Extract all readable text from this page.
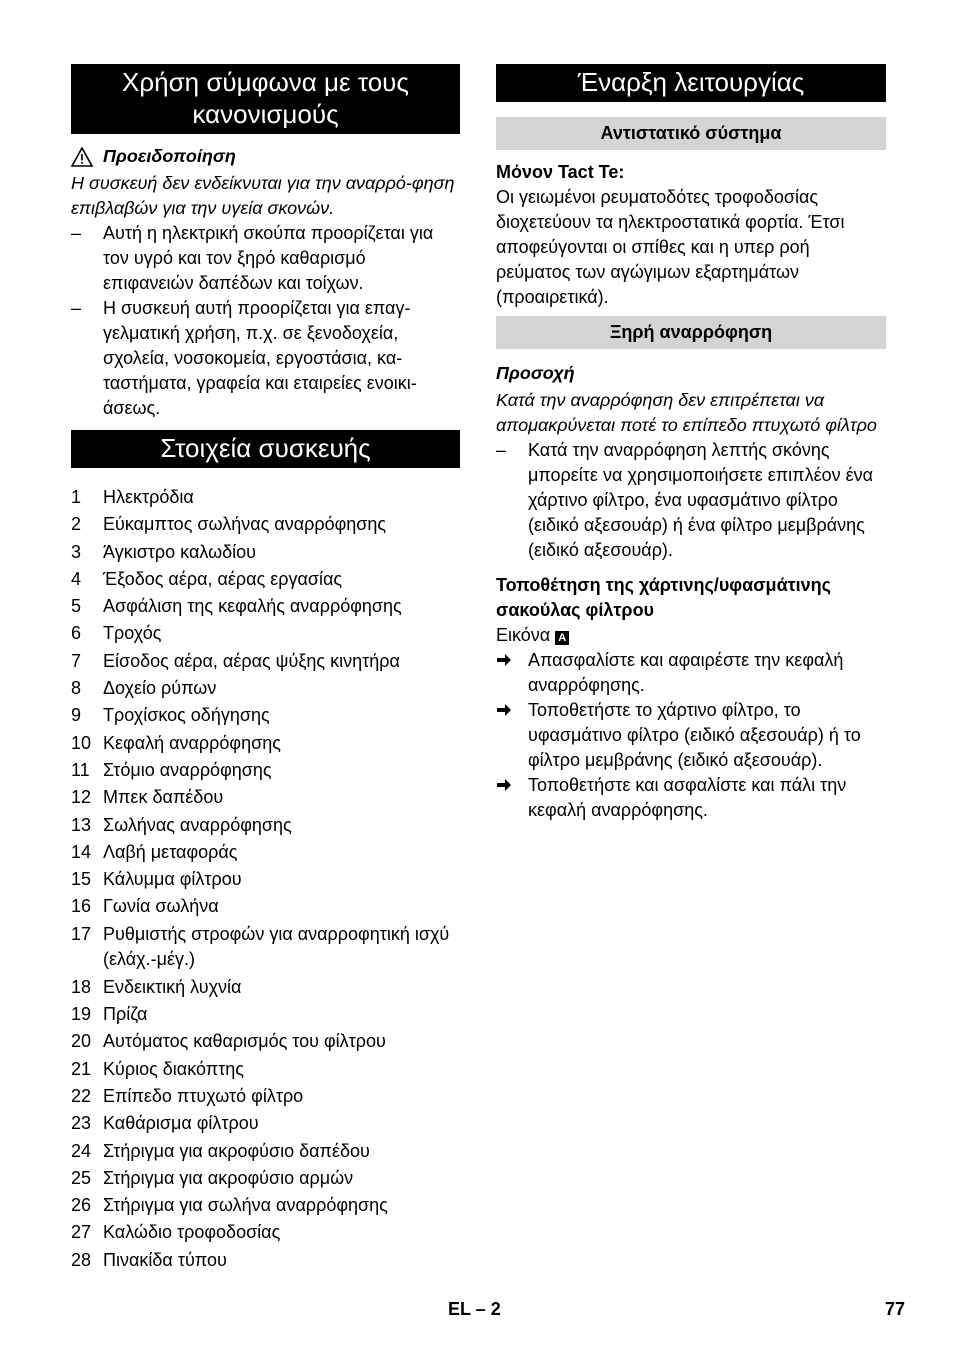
Χρήση σύμφωνα με τους κανονισμούς
Προειδοποίηση
Η συσκευή δεν ενδείκνυται για την αναρρό-φηση επιβλαβών για την υγεία σκονών.
–	Αυτή η ηλεκτρική σκούπα προορίζεται για τον υγρό και τον ξηρό καθαρισμό επιφανειών δαπέδων και τοίχων.
–	Η συσκευή αυτή προορίζεται για επαγ-γελματική χρήση, π.χ. σε ξενοδοχεία, σχολεία, νοσοκομεία, εργοστάσια, κα-ταστήματα, γραφεία και εταιρείες ενοικι-άσεως.
Στοιχεία συσκευής
1	Ηλεκτρόδια
2	Εύκαμπτος σωλήνας αναρρόφησης
3	Άγκιστρο καλωδίου
4	Έξοδος αέρα, αέρας εργασίας
5	Ασφάλιση της κεφαλής αναρρόφησης
6	Τροχός
7	Είσοδος αέρα, αέρας ψύξης κινητήρα
8	Δοχείο ρύπων
9	Τροχίσκος οδήγησης
10 Κεφαλή αναρρόφησης
11 Στόμιο αναρρόφησης
12 Μπεκ δαπέδου
13 Σωλήνας αναρρόφησης
14 Λαβή μεταφοράς
15 Κάλυμμα φίλτρου
16 Γωνία σωλήνα
17 Ρυθμιστής στροφών για αναρροφητική ισχύ (ελάχ.-μέγ.)
18 Ενδεικτική λυχνία
19 Πρίζα
20 Αυτόματος καθαρισμός του φίλτρου
21 Κύριος διακόπτης
22 Επίπεδο πτυχωτό φίλτρο
23 Καθάρισμα φίλτρου
24 Στήριγμα για ακροφύσιο δαπέδου
25 Στήριγμα για ακροφύσιο αρμών
26 Στήριγμα για σωλήνα αναρρόφησης
27 Καλώδιο τροφοδοσίας
28 Πινακίδα τύπου
Έναρξη λειτουργίας
Αντιστατικό σύστημα
Μόνον Tact Te:
Οι γειωμένοι ρευματοδότες τροφοδοσίας διοχετεύουν τα ηλεκτροστατικά φορτία. Έτσι αποφεύγονται οι σπίθες και η υπερ ροή ρεύματος των αγώγιμων εξαρτημάτων (προαιρετικά).
Ξηρή αναρρόφηση
Προσοχή
Κατά την αναρρόφηση δεν επιτρέπεται να απομακρύνεται ποτέ το επίπεδο πτυχωτό φίλτρο
–	Κατά την αναρρόφηση λεπτής σκόνης μπορείτε να χρησιμοποιήσετε επιπλέον ένα χάρτινο φίλτρο, ένα υφασμάτινο φίλτρο (ειδικό αξεσουάρ) ή ένα φίλτρο μεμβράνης (ειδικό αξεσουάρ).
Τοποθέτηση της χάρτινης/υφασμάτινης σακούλας φίλτρου
Εικόνα A
Απασφαλίστε και αφαιρέστε την κεφαλή αναρρόφησης.
Τοποθετήστε το χάρτινο φίλτρο, το υφασμάτινο φίλτρο (ειδικό αξεσουάρ) ή το φίλτρο μεμβράνης (ειδικό αξεσουάρ).
Τοποθετήστε και ασφαλίστε και πάλι την κεφαλή αναρρόφησης.
EL – 2	77
